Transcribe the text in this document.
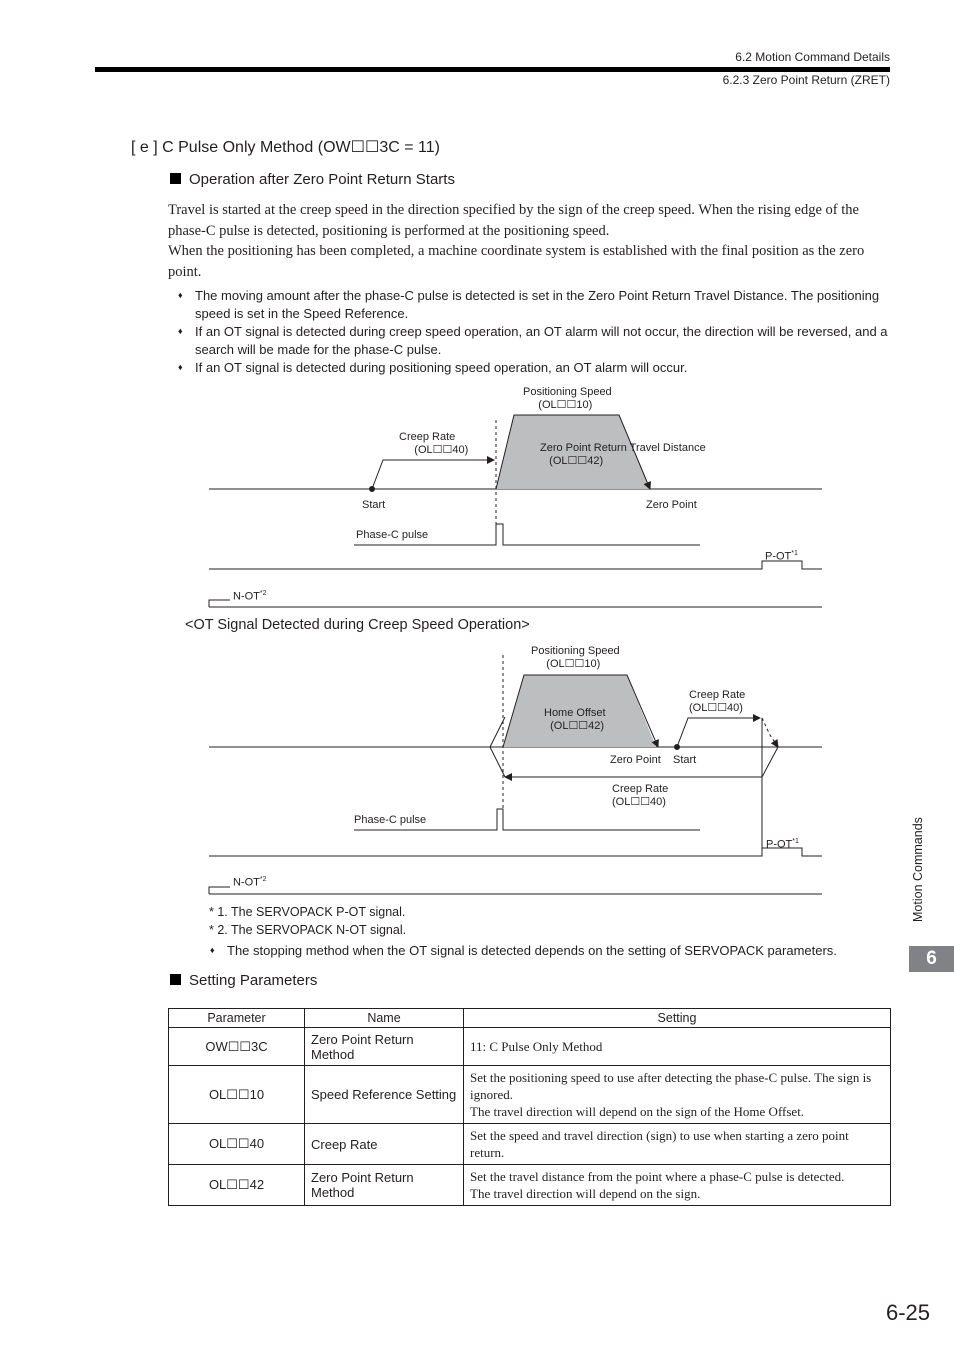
6.2 Motion Command Details
6.2.3 Zero Point Return (ZRET)
[ e ] C Pulse Only Method (OW☐☐3C = 11)
Operation after Zero Point Return Starts

Travel is started at the creep speed in the direction specified by the sign of the creep speed. When the rising edge of the phase-C pulse is detected, positioning is performed at the positioning speed.

When the positioning has been completed, a machine coordinate system is established with the final position as the zero point.

♦ The moving amount after the phase-C pulse is detected is set in the Zero Point Return Travel Distance. The positioning speed is set in the Speed Reference.
♦ If an OT signal is detected during creep speed operation, an OT alarm will not occur, the direction will be reversed, and a search will be made for the phase-C pulse.
♦ If an OT signal is detected during positioning speed operation, an OT alarm will occur.
Positioning Speed
(OL☐☐10)
Creep Rate
(OL☐☐40)	Zero Point Return Travel Distance
(OL☐☐42)
Start	Zero Point
Phase-C pulse
P-OT$^{*1}$
$N-OT^{*2}$
<OT Signal Detected during Creep Speed Operation>
Positioning Speed
(OL☐☐10)
Home Offset
(OL☐☐42)
Creep Rate
(OL☐☐40)
Zero Point Start
Creep Rate
(OL☐☐40)
Phase-C pulse
P-OT$^{*1}$
N-OT$^{*2}$
* 1. The SERVOPACK P-OT signal.
* 2. The SERVOPACK N-OT signal.
♦ The stopping method when the OT signal is detected depends on the setting of SERVOPACK parameters.
Setting Parameters
Parameter	Name	Setting
OW☐☐3C	Zero Point Return Method	11: C Pulse Only Method
OL☐☐10	Speed Reference Setting	Set the positioning speed to use after detecting the phase-C pulse. The sign is ignored.
The travel direction will depend on the sign of the Home Offset.
OL☐☐40	Creep Rate	Set the speed and travel direction (sign) to use when starting a zero point return.
OL☐☐42	Zero Point Return Method	Set the travel distance from the point where a phase-C pulse is detected.
The travel direction will depend on the sign.
Motion Commands
6
6-25
